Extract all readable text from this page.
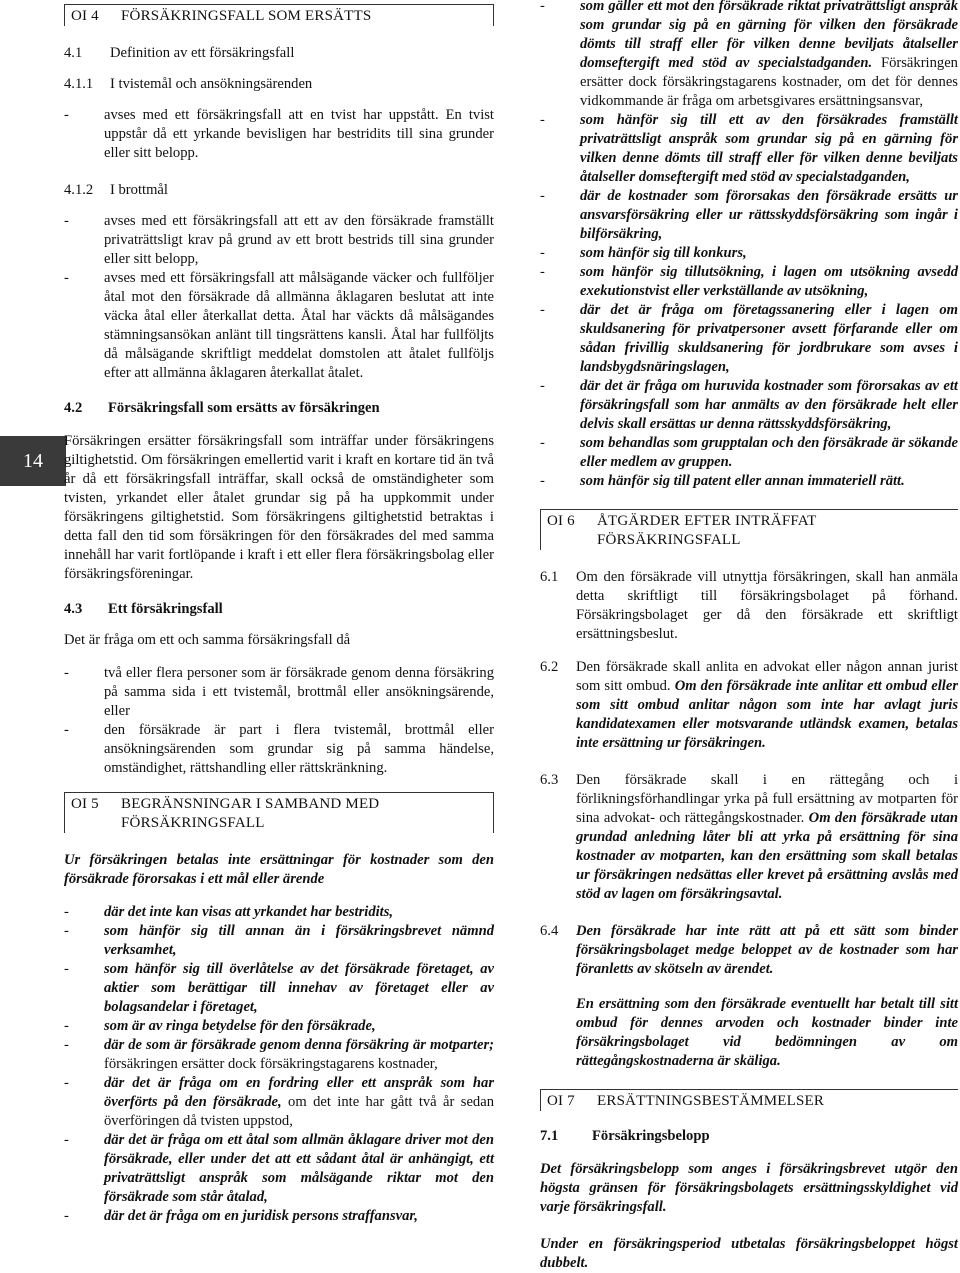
14
OI 4 FÖRSÄKRINGSFALL SOM ERSÄTTS

4.1 Definition av ett försäkringsfall

4.1.1 I tvistemål och ansökningsärenden

- avses med ett försäkringsfall att en tvist har uppstått. En tvist uppstår då ett yrkande bevisligen har bestridits till sina grunder eller sitt belopp.

4.1.2 I brottmål

- avses med ett försäkringsfall att ett av den försäkrade framställt privaträttsligt krav på grund av ett brott bestrids till sina grunder eller sitt belopp,

- avses med ett försäkringsfall att målsägande väcker och fullföljer åtal mot den försäkrade då allmänna åklagaren beslutat att inte väcka åtal eller återkallat detta. Åtal har väckts då målsägandes stämningsansökan anlänt till tingsrättens kansli. Åtal har fullföljts då målsägande skriftligt meddelat domstolen att åtalet fullföljs efter att allmänna åklagaren återkallat åtalet.

4.2 Försäkringsfall som ersätts av försäkringen

Försäkringen ersätter försäkringsfall som inträffar under försäkringens giltighetstid. Om försäkringen emellertid varit i kraft en kortare tid än två år då ett försäkringsfall inträffar, skall också de omständigheter som tvisten, yrkandet eller åtalet grundar sig på ha uppkommit under försäkringens giltighetstid. Som försäkringens giltighetstid betraktas i detta fall den tid som försäkringen för den försäkrades del med samma innehåll har varit fortlöpande i kraft i ett eller flera försäkringsbolag eller försäkringsföreningar.

4.3 Ett försäkringsfall

Det är fråga om ett och samma försäkringsfall då

- två eller flera personer som är försäkrade genom denna försäkring på samma sida i ett tvistemål, brottmål eller ansökningsärende, eller

- den försäkrade är part i flera tvistemål, brottmål eller ansökningsärenden som grundar sig på samma händelse, omständighet, rättshandling eller rättskränkning.

OI 5 BEGRÄNSNINGAR I SAMBAND MED
FÖRSÄKRINGSFALL

Ur försäkringen betalas inte ersättningar för kostnader som den försäkrade förorsakas i ett mål eller ärende

- där det inte kan visas att yrkandet har bestridits,

- som hänför sig till annan än i försäkringsbrevet nämnd verksamhet,

- som hänför sig till överlåtelse av det försäkrade företaget, av aktier som berättigar till innehav av företaget eller av bolagsandelar i företaget,

- som är av ringa betydelse för den försäkrade,

- där de som är försäkrade genom denna försäkring är motparter; försäkringen ersätter dock försäkringstagarens kostnader,

- där det är fråga om en fordring eller ett anspråk som har överförts på den försäkrade, om det inte har gått två år sedan överföringen då tvisten uppstod,

- där det är fråga om ett åtal som allmän åklagare driver mot den försäkrade, eller under det att ett sådant åtal är anhängigt, ett privaträttsligt anspråk som målsägande riktar mot den försäkrade som står åtalad,

- där det är fråga om en juridisk persons straffansvar,

- som gäller ett mot den försäkrade riktat privaträttsligt anspråk som grundar sig på en gärning för vilken den försäkrade dömts till straff eller för vilken denne beviljats åtalseller domseftergift med stöd av specialstadganden. Försäkringen ersätter dock försäkringstagarens kostnader, om det för dennes vidkommande är fråga om arbetsgivares ersättningsansvar,

- som hänför sig till ett av den försäkrades framställt privaträttsligt anspråk som grundar sig på en gärning för vilken denne dömts till straff eller för vilken denne beviljats åtalseller domseftergift med stöd av specialstadganden,

- där de kostnader som förorsakas den försäkrade ersätts ur ansvarsförsäkring eller ur rättsskyddsförsäkring som ingår i bilförsäkring,

- som hänför sig till konkurs,

- som hänför sig tillutsökning, i lagen om utsökning avsedd exekutionstvist eller verkställande av utsökning,

- där det är fråga om företagssanering eller i lagen om skuldsanering för privatpersoner avsett förfarande eller om sådan frivillig skuldsanering för jordbrukare som avses i landsbygdsnäringslagen,

- där det är fråga om huruvida kostnader som förorsakas av ett försäkringsfall som har anmälts av den försäkrade helt eller delvis skall ersättas ur denna rättsskyddsförsäkring,

- som behandlas som grupptalan och den försäkrade är sökande eller medlem av gruppen.

- som hänför sig till patent eller annan immateriell rätt.

OI 6 ÅTGÄRDER EFTER INTRÄFFAT
FÖRSÄKRINGSFALL

6.1 Om den försäkrade vill utnyttja försäkringen, skall han anmäla detta skriftligt till försäkringsbolaget på förhand. Försäkringsbolaget ger då den försäkrade ett skriftligt ersättningsbeslut.

6.2 Den försäkrade skall anlita en advokat eller någon annan jurist som sitt ombud. Om den försäkrade inte anlitar ett ombud eller som sitt ombud anlitar någon som inte har avlagt juris kandidatexamen eller motsvarande utländsk examen, betalas inte ersättning ur försäkringen.

6.3 Den försäkrade skall i en rättegång och i förlikningsförhandlingar yrka på full ersättning av motparten för sina advokat- och rättegångskostnader. Om den försäkrade utan grundad anledning låter bli att yrka på ersättning för sina kostnader av motparten, kan den ersättning som skall betalas ur försäkringen nedsättas eller krevet på ersättning avslås med stöd av lagen om försäkringsavtal.

6.4 Den försäkrade har inte rätt att på ett sätt som binder försäkringsbolaget medge beloppet av de kostnader som har föranletts av skötseln av ärendet.

En ersättning som den försäkrade eventuellt har betalt till sitt ombud för dennes arvoden och kostnader binder inte försäkringsbolaget vid bedömningen av om rättegångskostnaderna är skäliga.

OI 7 ERSÄTTNINGSBESTÄMMELSER

7.1 Försäkringsbelopp

Det försäkringsbelopp som anges i försäkringsbrevet utgör den högsta gränsen för försäkringsbolagets ersättningsskyldighet vid varje försäkringsfall.

Under en försäkringsperiod utbetalas försäkringsbeloppet högst dubbelt.
